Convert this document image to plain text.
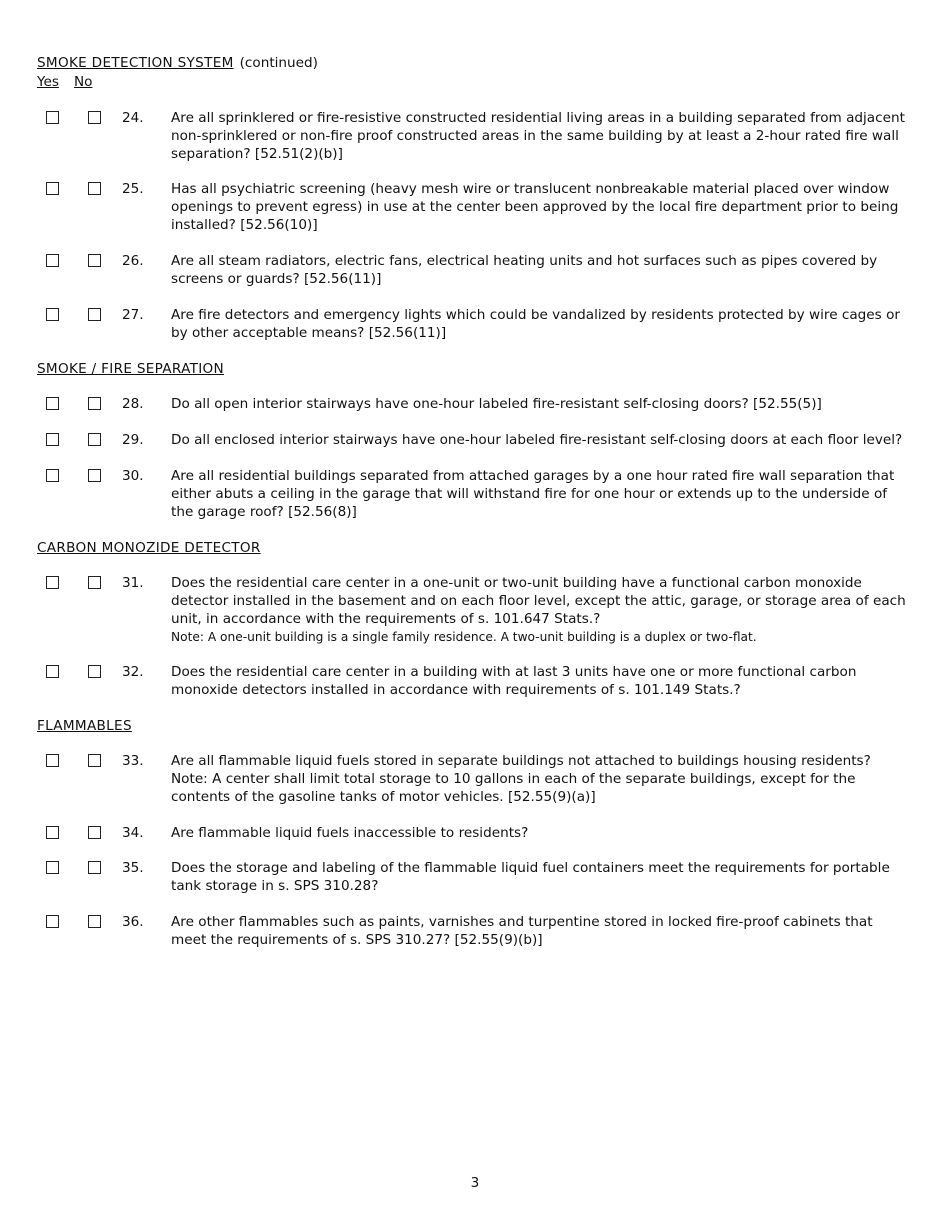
SMOKE DETECTION SYSTEM (continued)
Yes No
24. Are all sprinklered or fire-resistive constructed residential living areas in a building separated from adjacent non-sprinklered or non-fire proof constructed areas in the same building by at least a 2-hour rated fire wall separation? [52.51(2)(b)]
25. Has all psychiatric screening (heavy mesh wire or translucent nonbreakable material placed over window openings to prevent egress) in use at the center been approved by the local fire department prior to being installed? [52.56(10)]
26. Are all steam radiators, electric fans, electrical heating units and hot surfaces such as pipes covered by screens or guards? [52.56(11)]
27. Are fire detectors and emergency lights which could be vandalized by residents protected by wire cages or by other acceptable means? [52.56(11)]
SMOKE / FIRE SEPARATION
28. Do all open interior stairways have one-hour labeled fire-resistant self-closing doors? [52.55(5)]
29. Do all enclosed interior stairways have one-hour labeled fire-resistant self-closing doors at each floor level?
30. Are all residential buildings separated from attached garages by a one hour rated fire wall separation that either abuts a ceiling in the garage that will withstand fire for one hour or extends up to the underside of the garage roof? [52.56(8)]
CARBON MONOZIDE DETECTOR
31. Does the residential care center in a one-unit or two-unit building have a functional carbon monoxide detector installed in the basement and on each floor level, except the attic, garage, or storage area of each unit, in accordance with the requirements of s. 101.647 Stats.?
Note: A one-unit building is a single family residence. A two-unit building is a duplex or two-flat.
32. Does the residential care center in a building with at last 3 units have one or more functional carbon monoxide detectors installed in accordance with requirements of s. 101.149 Stats.?
FLAMMABLES
33. Are all flammable liquid fuels stored in separate buildings not attached to buildings housing residents?
Note: A center shall limit total storage to 10 gallons in each of the separate buildings, except for the contents of the gasoline tanks of motor vehicles. [52.55(9)(a)]
34. Are flammable liquid fuels inaccessible to residents?
35. Does the storage and labeling of the flammable liquid fuel containers meet the requirements for portable tank storage in s. SPS 310.28?
36. Are other flammables such as paints, varnishes and turpentine stored in locked fire-proof cabinets that meet the requirements of s. SPS 310.27? [52.55(9)(b)]
3
